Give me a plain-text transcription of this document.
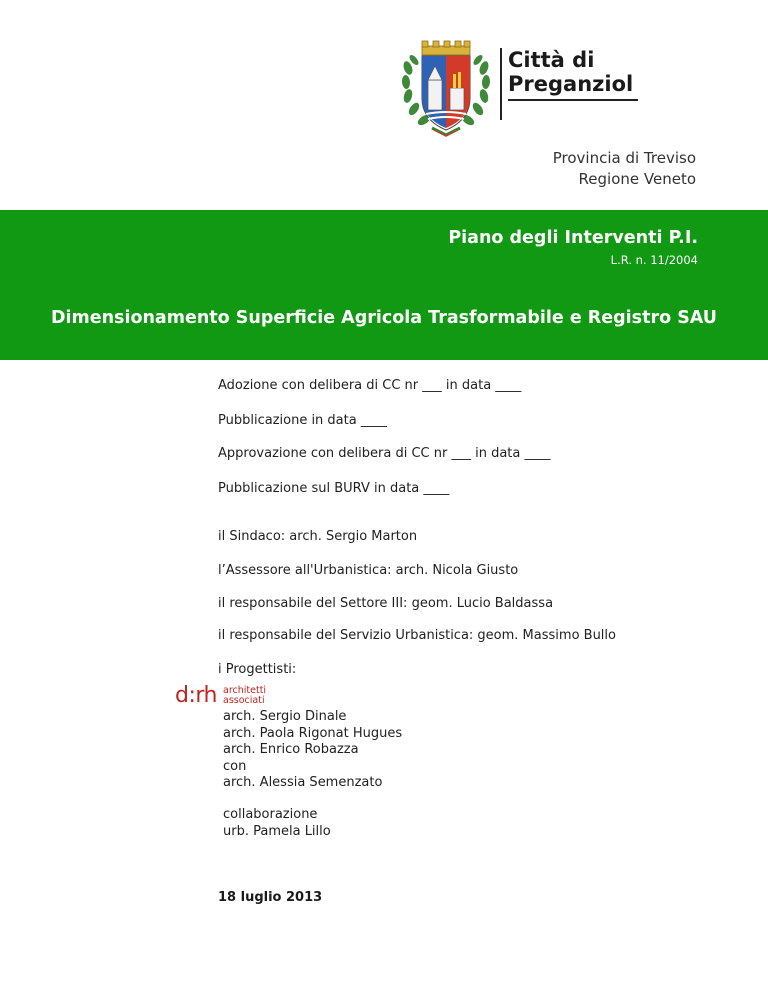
Città di
Preganziol
Provincia di Treviso
Regione Veneto
Piano degli Interventi P.I.
L.R. n. 11/2004
Dimensionamento Superficie Agricola Trasformabile e Registro SAU
Adozione con delibera di CC nr ___ in data ____
Pubblicazione in data ____
Approvazione con delibera di CC nr ___ in data ____
Pubblicazione sul BURV in data ____
il Sindaco: arch. Sergio Marton
l’Assessore all'Urbanistica: arch. Nicola Giusto
il responsabile del Settore III: geom. Lucio Baldassa
il responsabile del Servizio Urbanistica: geom. Massimo Bullo
i Progettisti:
d:rh architetti
associati
arch. Sergio Dinale
arch. Paola Rigonat Hugues
arch. Enrico Robazza
con
arch. Alessia Semenzato
collaborazione
urb. Pamela Lillo
18 luglio 2013
